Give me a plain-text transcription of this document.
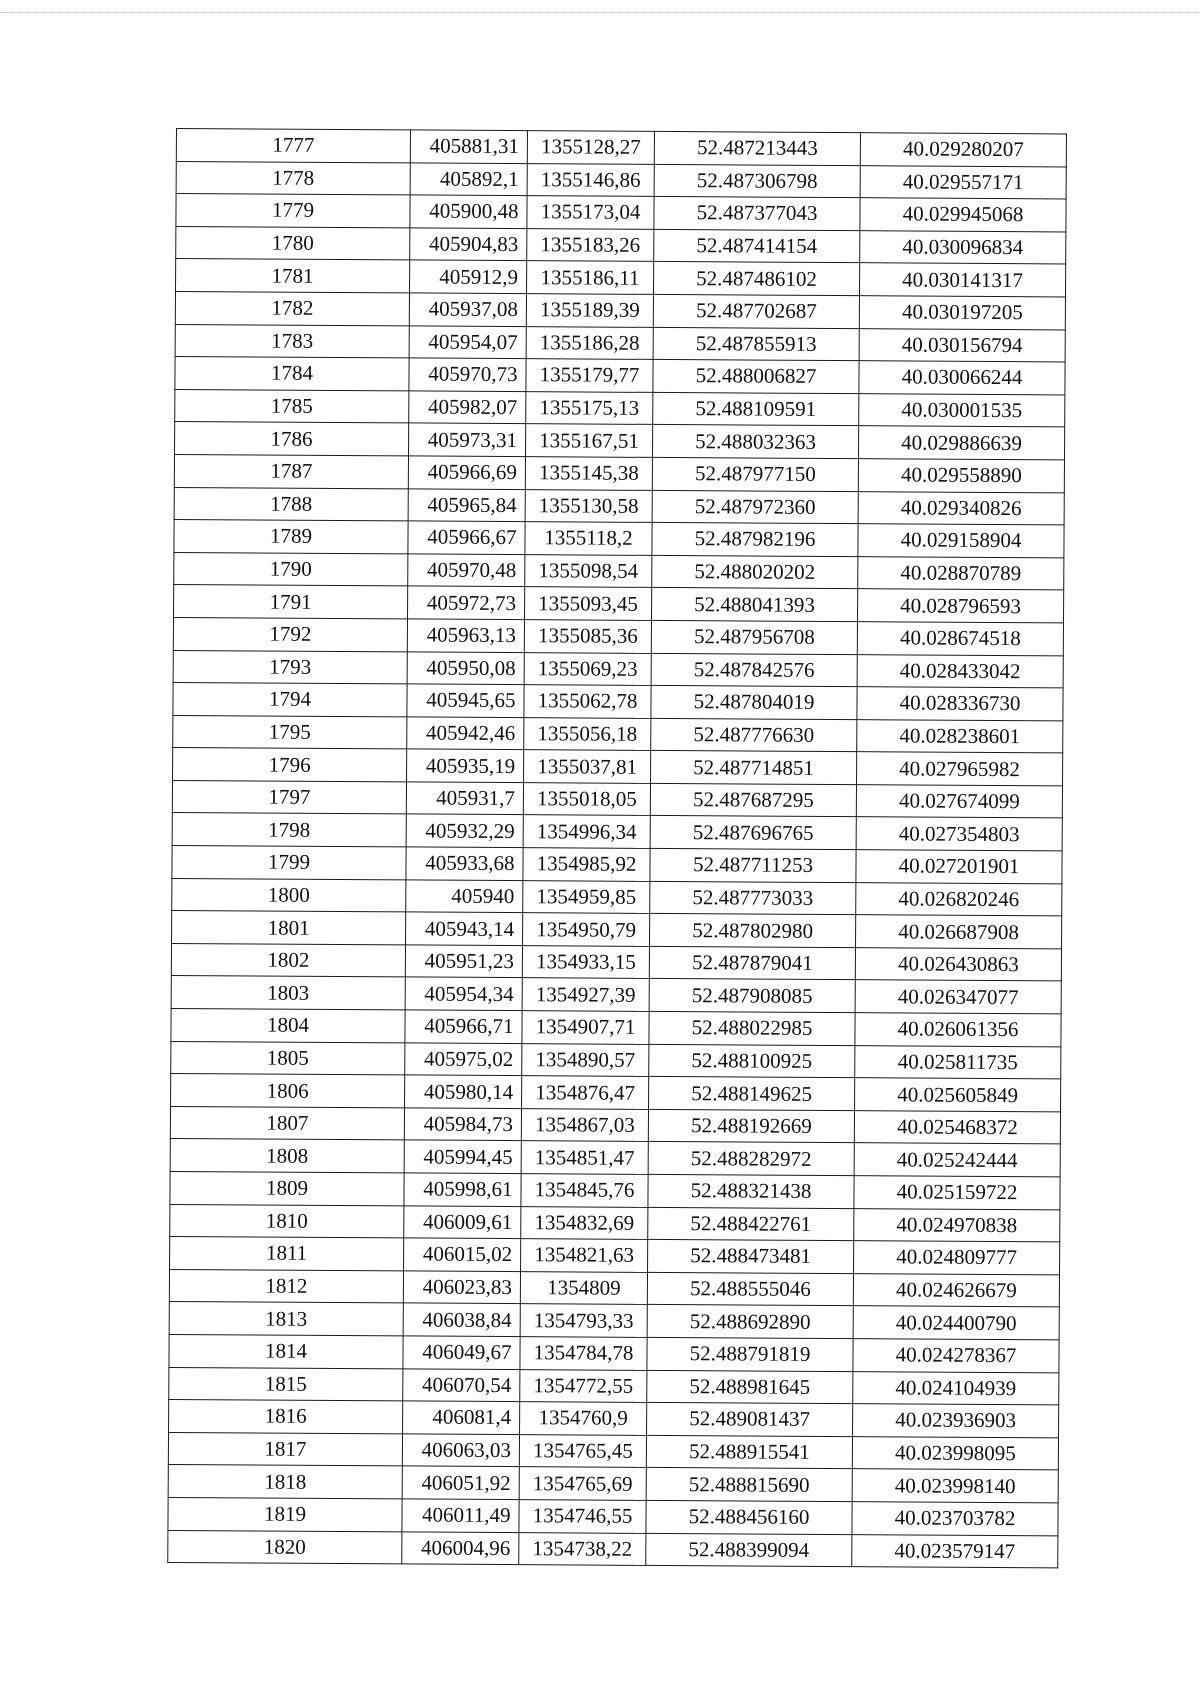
1777	405881,31	1355128,27	52.487213443	40.029280207
1778	405892,1	1355146,86	52.487306798	40.029557171
1779	405900,48	1355173,04	52.487377043	40.029945068
1780	405904,83	1355183,26	52.487414154	40.030096834
1781	405912,9	1355186,11	52.487486102	40.030141317
1782	405937,08	1355189,39	52.487702687	40.030197205
1783	405954,07	1355186,28	52.487855913	40.030156794
1784	405970,73	1355179,77	52.488006827	40.030066244
1785	405982,07	1355175,13	52.488109591	40.030001535
1786	405973,31	1355167,51	52.488032363	40.029886639
1787	405966,69	1355145,38	52.487977150	40.029558890
1788	405965,84	1355130,58	52.487972360	40.029340826
1789	405966,67	1355118,2	52.487982196	40.029158904
1790	405970,48	1355098,54	52.488020202	40.028870789
1791	405972,73	1355093,45	52.488041393	40.028796593
1792	405963,13	1355085,36	52.487956708	40.028674518
1793	405950,08	1355069,23	52.487842576	40.028433042
1794	405945,65	1355062,78	52.487804019	40.028336730
1795	405942,46	1355056,18	52.487776630	40.028238601
1796	405935,19	1355037,81	52.487714851	40.027965982
1797	405931,7	1355018,05	52.487687295	40.027674099
1798	405932,29	1354996,34	52.487696765	40.027354803
1799	405933,68	1354985,92	52.487711253	40.027201901
1800	405940	1354959,85	52.487773033	40.026820246
1801	405943,14	1354950,79	52.487802980	40.026687908
1802	405951,23	1354933,15	52.487879041	40.026430863
1803	405954,34	1354927,39	52.487908085	40.026347077
1804	405966,71	1354907,71	52.488022985	40.026061356
1805	405975,02	1354890,57	52.488100925	40.025811735
1806	405980,14	1354876,47	52.488149625	40.025605849
1807	405984,73	1354867,03	52.488192669	40.025468372
1808	405994,45	1354851,47	52.488282972	40.025242444
1809	405998,61	1354845,76	52.488321438	40.025159722
1810	406009,61	1354832,69	52.488422761	40.024970838
1811	406015,02	1354821,63	52.488473481	40.024809777
1812	406023,83	1354809	52.488555046	40.024626679
1813	406038,84	1354793,33	52.488692890	40.024400790
1814	406049,67	1354784,78	52.488791819	40.024278367
1815	406070,54	1354772,55	52.488981645	40.024104939
1816	406081,4	1354760,9	52.489081437	40.023936903
1817	406063,03	1354765,45	52.488915541	40.023998095
1818	406051,92	1354765,69	52.488815690	40.023998140
1819	406011,49	1354746,55	52.488456160	40.023703782
1820	406004,96	1354738,22	52.488399094	40.023579147
